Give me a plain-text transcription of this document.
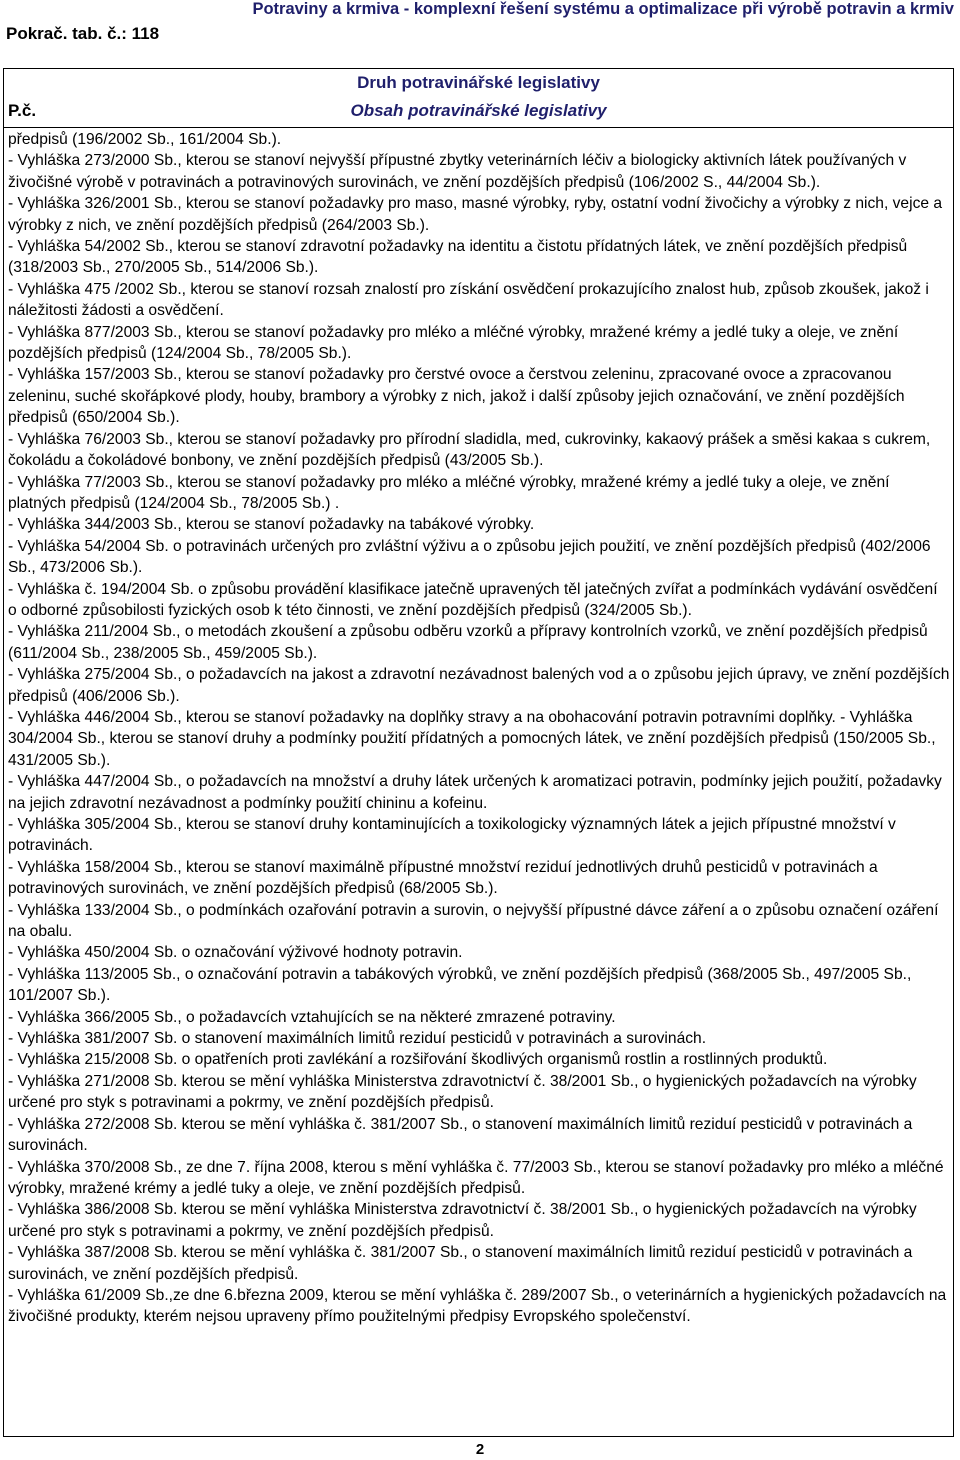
Pokrač. tab. č.: 118
Potraviny a krmiva - komplexní řešení systému a optimalizace při výrobě potravin a krmiv
Druh potravinářské legislativy
P.č.	Obsah potravinářské legislativy

předpisů (196/2002 Sb., 161/2004 Sb.).

- Vyhláška 273/2000 Sb., kterou se stanoví nejvyšší přípustné zbytky veterinárních léčiv a biologicky aktivních látek používaných v živočišné výrobě v potravinách a potravinových surovinách, ve znění pozdějších předpisů (106/2002 S., 44/2004 Sb.).

- Vyhláška 326/2001 Sb., kterou se stanoví požadavky pro maso, masné výrobky, ryby, ostatní vodní živočichy a výrobky z nich, vejce a výrobky z nich, ve znění pozdějších předpisů (264/2003 Sb.).

- Vyhláška 54/2002 Sb., kterou se stanoví zdravotní požadavky na identitu a čistotu přídatných látek, ve znění pozdějších předpisů (318/2003 Sb., 270/2005 Sb., 514/2006 Sb.).

- Vyhláška 475 /2002 Sb., kterou se stanoví rozsah znalostí pro získání osvědčení prokazujícího znalost hub, způsob zkoušek, jakož i náležitosti žádosti a osvědčení.

- Vyhláška 877/2003 Sb., kterou se stanoví požadavky pro mléko a mléčné výrobky, mražené krémy a jedlé tuky a oleje, ve znění pozdějších předpisů (124/2004 Sb., 78/2005 Sb.).

- Vyhláška 157/2003 Sb., kterou se stanoví požadavky pro čerstvé ovoce a čerstvou zeleninu, zpracované ovoce a zpracovanou zeleninu, suché skořápkové plody, houby, brambory a výrobky z nich, jakož i další způsoby jejich označování, ve znění pozdějších předpisů (650/2004 Sb.).

- Vyhláška 76/2003 Sb., kterou se stanoví požadavky pro přírodní sladidla, med, cukrovinky, kakaový prášek a směsi kakaa s cukrem, čokoládu a čokoládové bonbony, ve znění pozdějších předpisů (43/2005 Sb.).

- Vyhláška 77/2003 Sb., kterou se stanoví požadavky pro mléko a mléčné výrobky, mražené krémy a jedlé tuky a oleje, ve znění platných předpisů (124/2004 Sb., 78/2005 Sb.) .

- Vyhláška 344/2003 Sb., kterou se stanoví požadavky na tabákové výrobky.

- Vyhláška 54/2004 Sb. o potravinách určených pro zvláštní výživu a o způsobu jejich použití, ve znění pozdějších předpisů (402/2006 Sb., 473/2006 Sb.).

- Vyhláška č. 194/2004 Sb. o způsobu provádění klasifikace jatečně upravených těl jatečných zvířat a podmínkách vydávání osvědčení o odborné způsobilosti fyzických osob k této činnosti, ve znění pozdějších předpisů (324/2005 Sb.).

- Vyhláška 211/2004 Sb., o metodách zkoušení a způsobu odběru vzorků a přípravy kontrolních vzorků, ve znění pozdějších předpisů (611/2004 Sb., 238/2005 Sb., 459/2005 Sb.).

- Vyhláška 275/2004 Sb., o požadavcích na jakost a zdravotní nezávadnost balených vod a o způsobu jejich úpravy, ve znění pozdějších předpisů (406/2006 Sb.).

- Vyhláška 446/2004 Sb., kterou se stanoví požadavky na doplňky stravy a na obohacování potravin potravními doplňky. - Vyhláška 304/2004 Sb., kterou se stanoví druhy a podmínky použití přídatných a pomocných látek, ve znění pozdějších předpisů (150/2005 Sb., 431/2005 Sb.).

- Vyhláška 447/2004 Sb., o požadavcích na množství a druhy látek určených k aromatizaci potravin, podmínky jejich použití, požadavky na jejich zdravotní nezávadnost a podmínky použití chininu a kofeinu.

- Vyhláška 305/2004 Sb., kterou se stanoví druhy kontaminujících a toxikologicky významných látek a jejich přípustné množství v potravinách.

- Vyhláška 158/2004 Sb., kterou se stanoví maximálně přípustné množství reziduí jednotlivých druhů pesticidů v potravinách a potravinových surovinách, ve znění pozdějších předpisů (68/2005 Sb.).

- Vyhláška 133/2004 Sb., o podmínkách ozařování potravin a surovin, o nejvyšší přípustné dávce záření a o způsobu označení ozáření na obalu.

- Vyhláška 450/2004 Sb. o označování výživové hodnoty potravin.

- Vyhláška 113/2005 Sb., o označování potravin a tabákových výrobků, ve znění pozdějších předpisů (368/2005 Sb., 497/2005 Sb., 101/2007 Sb.).

- Vyhláška 366/2005 Sb., o požadavcích vztahujících se na některé zmrazené potraviny.

- Vyhláška 381/2007 Sb. o stanovení maximálních limitů reziduí pesticidů v potravinách a surovinách.

- Vyhláška 215/2008 Sb. o opatřeních proti zavlékání a rozšiřování škodlivých organismů rostlin a rostlinných produktů.

- Vyhláška 271/2008 Sb. kterou se mění vyhláška Ministerstva zdravotnictví č. 38/2001 Sb., o hygienických požadavcích na výrobky určené pro styk s potravinami a pokrmy, ve znění pozdějších předpisů.

- Vyhláška 272/2008 Sb. kterou se mění vyhláška č. 381/2007 Sb., o stanovení maximálních limitů reziduí pesticidů v potravinách a surovinách.

- Vyhláška 370/2008 Sb., ze dne 7. října 2008, kterou s mění vyhláška č. 77/2003 Sb., kterou se stanoví požadavky pro mléko a mléčné výrobky, mražené krémy a jedlé tuky a oleje, ve znění pozdějších předpisů.

- Vyhláška 386/2008 Sb. kterou se mění vyhláška Ministerstva zdravotnictví č. 38/2001 Sb., o hygienických požadavcích na výrobky určené pro styk s potravinami a pokrmy, ve znění pozdějších předpisů.

- Vyhláška 387/2008 Sb. kterou se mění vyhláška č. 381/2007 Sb., o stanovení maximálních limitů reziduí pesticidů v potravinách a surovinách, ve znění pozdějších předpisů.

- Vyhláška 61/2009 Sb.,ze dne 6.března 2009, kterou se mění vyhláška č. 289/2007 Sb., o veterinárních a hygienických požadavcích na živočišné produkty, kterém nejsou upraveny přímo použitelnými předpisy Evropského společenství.

2
